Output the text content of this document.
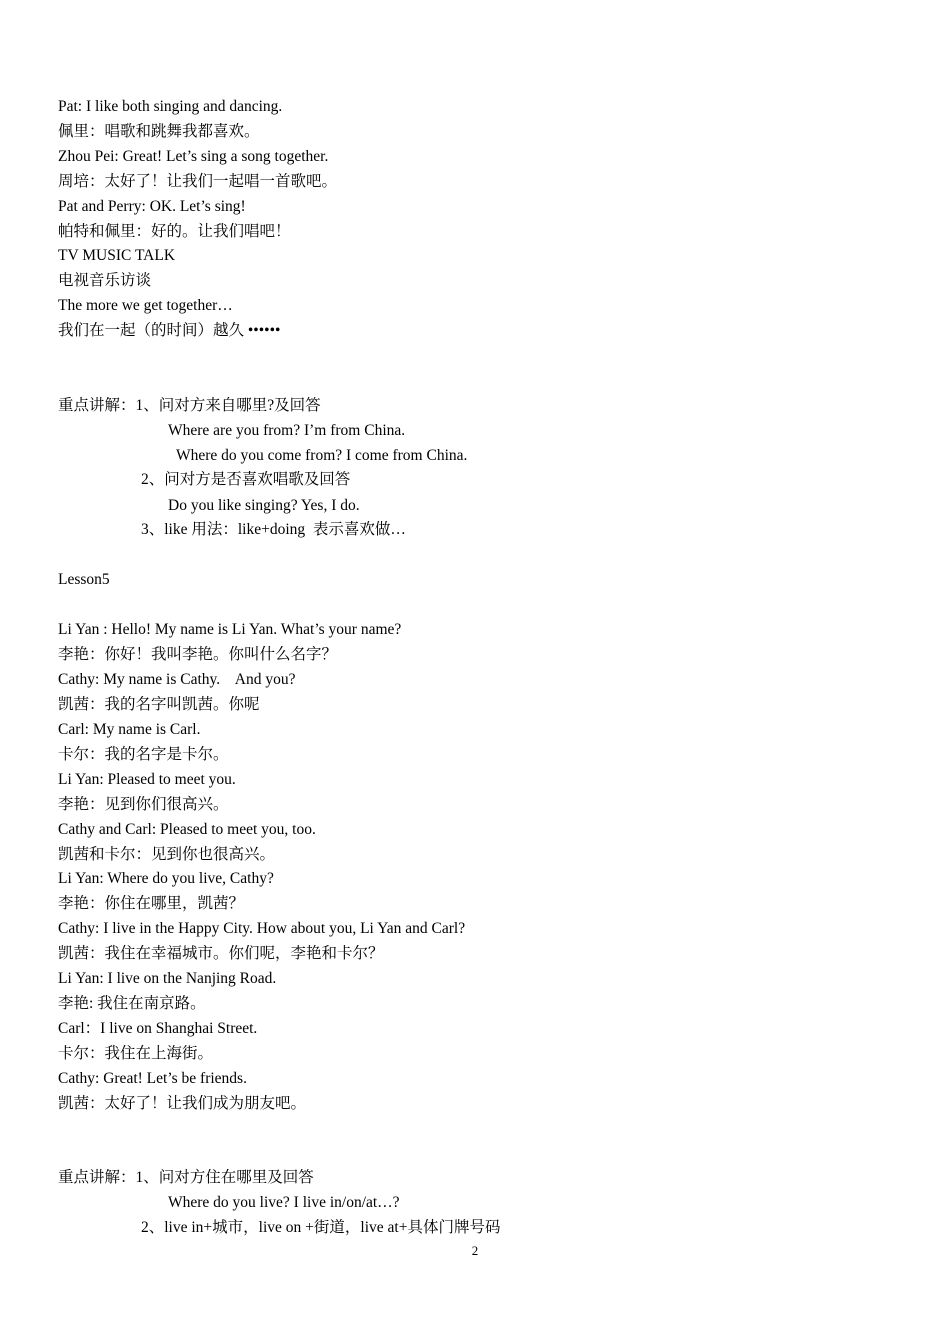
Pat: I like both singing and dancing.
佩里：唱歌和跳舞我都喜欢。
Zhou Pei: Great! Let’s sing a song together.
周培：太好了！让我们一起唱一首歌吧。
Pat and Perry: OK. Let’s sing!
帕特和佩里：好的。让我们唱吧！
TV MUSIC TALK
电视音乐访谈
The more we get together…
我们在一起（的时间）越久 ••••••
重点讲解：1、问对方来自哪里?及回答
Where are you from? I’m from China.
Where do you come from? I come from China.
2、问对方是否喜欢唱歌及回答
Do you like singing? Yes, I do.
3、like 用法：like+doing  表示喜欢做…
Lesson5
Li Yan : Hello! My name is Li Yan. What’s your name?
李艳：你好！我叫李艳。你叫什么名字？
Cathy: My name is Cathy.    And you?
凯茜：我的名字叫凯茜。你呢
Carl: My name is Carl.
卡尔：我的名字是卡尔。
Li Yan: Pleased to meet you.
李艳：见到你们很高兴。
Cathy and Carl: Pleased to meet you, too.
凯茜和卡尔：见到你也很高兴。
Li Yan: Where do you live, Cathy?
李艳：你住在哪里，凯茜？
Cathy: I live in the Happy City. How about you, Li Yan and Carl?
凯茜：我住在幸福城市。你们呢，李艳和卡尔？
Li Yan: I live on the Nanjing Road.
李艳: 我住在南京路。
Carl：I live on Shanghai Street.
卡尔：我住在上海街。
Cathy: Great! Let’s be friends.
凯茜：太好了！让我们成为朋友吧。
重点讲解：1、问对方住在哪里及回答
Where do you live? I live in/on/at…?
2、live in+城市，live on +街道，live at+具体门牌号码
2
